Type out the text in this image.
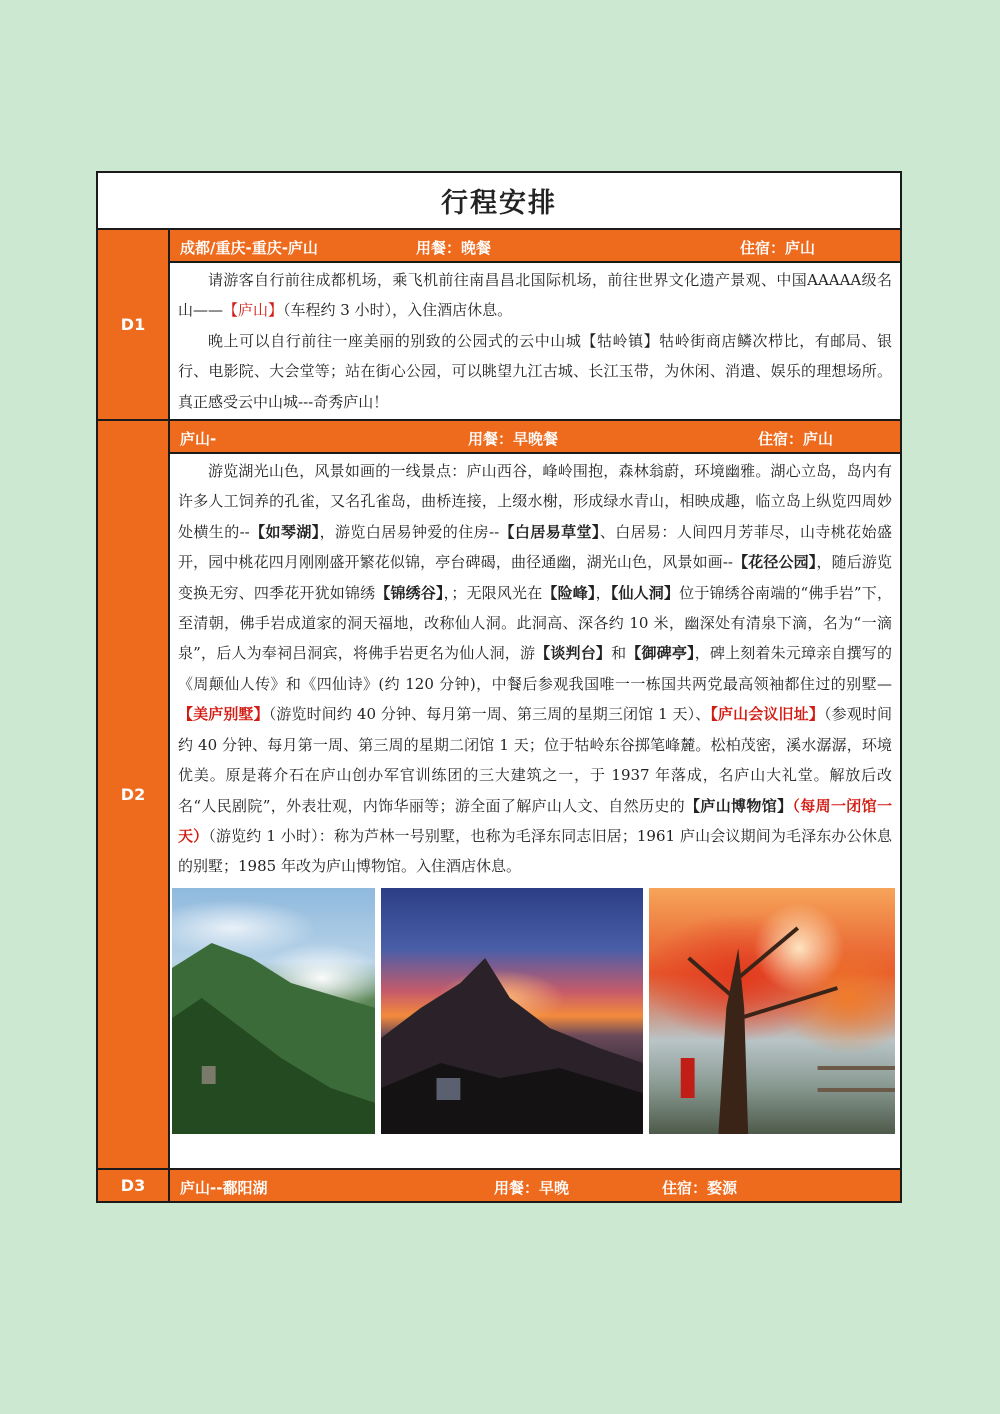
行程安排
D1
成都/重庆-重庆-庐山	用餐：晚餐	住宿：庐山

请游客自行前往成都机场，乘飞机前往南昌昌北国际机场，前往世界文化遗产景观、中国AAAAA级名山——【庐山】（车程约 3 小时），入住酒店休息。

晚上可以自行前往一座美丽的别致的公园式的云中山城【牯岭镇】牯岭街商店鳞次栉比，有邮局、银行、电影院、大会堂等；站在街心公园，可以眺望九江古城、长江玉带，为休闲、消遣、娱乐的理想场所。真正感受云中山城---奇秀庐山！

D2
庐山-	用餐：早晚餐	住宿：庐山

游览湖光山色，风景如画的一线景点：庐山西谷，峰岭围抱，森林翁蔚，环境幽雅。湖心立岛，岛内有许多人工饲养的孔雀，又名孔雀岛，曲桥连接，上缀水榭，形成绿水青山，相映成趣，临立岛上纵览四周妙处横生的--【如琴湖】，游览白居易钟爱的住房--【白居易草堂】、白居易：人间四月芳菲尽，山寺桃花始盛开，园中桃花四月刚刚盛开繁花似锦，亭台碑碣，曲径通幽，湖光山色，风景如画--【花径公园】，随后游览变换无穷、四季花开犹如锦绣【锦绣谷】，；无限风光在【险峰】，【仙人洞】位于锦绣谷南端的“佛手岩”下，至清朝，佛手岩成道家的洞天福地，改称仙人洞。此洞高、深各约 10 米，幽深处有清泉下滴，名为“一滴泉”，后人为奉祠吕洞宾，将佛手岩更名为仙人洞，游【谈判台】和【御碑亭】，碑上刻着朱元璋亲自撰写的《周颠仙人传》和《四仙诗》(约 120 分钟)，中餐后参观我国唯一一栋国共两党最高领袖都住过的别墅—【美庐别墅】（游览时间约 40 分钟、每月第一周、第三周的星期三闭馆 1 天）、【庐山会议旧址】（参观时间约 40 分钟、每月第一周、第三周的星期二闭馆 1 天；位于牯岭东谷掷笔峰麓。松柏茂密，溪水潺潺，环境优美。原是蒋介石在庐山创办军官训练团的三大建筑之一，于 1937 年落成，名庐山大礼堂。解放后改名“人民剧院”，外表壮观，内饰华丽等；游全面了解庐山人文、自然历史的【庐山博物馆】（每周一闭馆一天）（游览约 1 小时）：称为芦林一号别墅，也称为毛泽东同志旧居；1961 庐山会议期间为毛泽东办公休息的别墅；1985 年改为庐山博物馆。入住酒店休息。

D3	庐山--鄱阳湖	用餐：早晚	住宿：婺源
